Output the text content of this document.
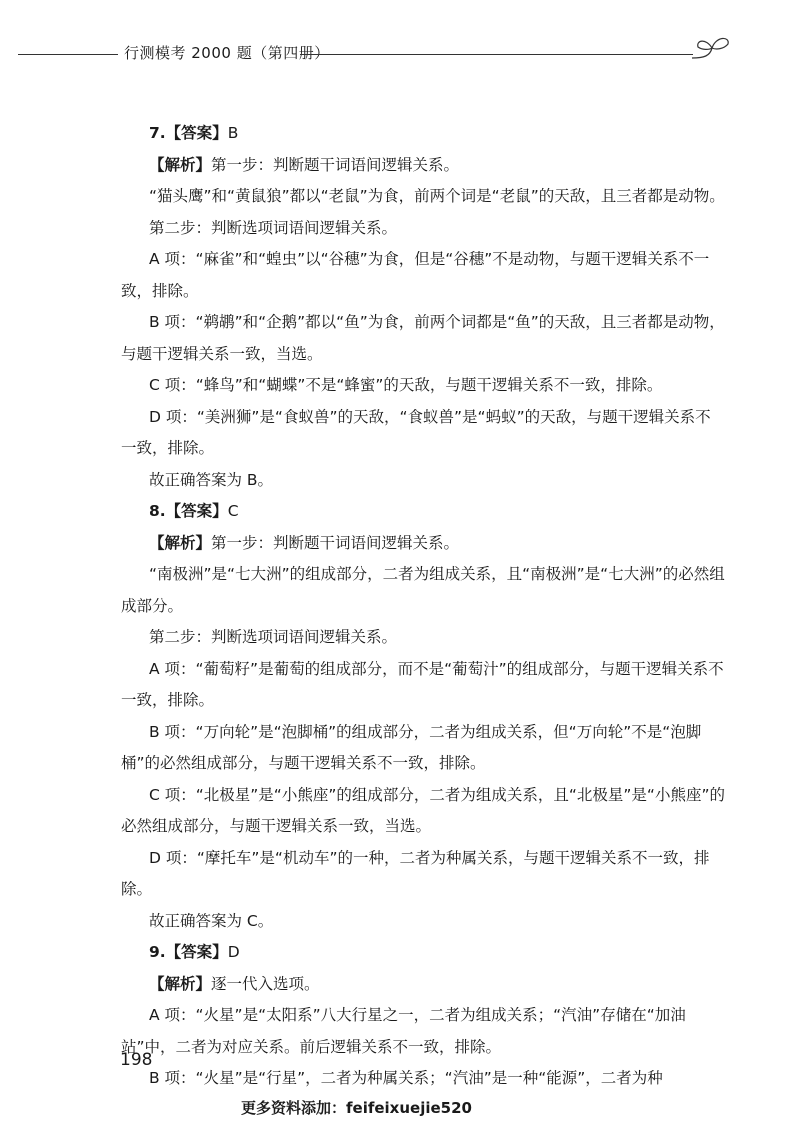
行测模考 2000 题（第四册）

7.【答案】B

【解析】第一步：判断题干词语间逻辑关系。

“猫头鹰”和“黄鼠狼”都以“老鼠”为食，前两个词是“老鼠”的天敌，且三者都是动物。

第二步：判断选项词语间逻辑关系。

A 项：“麻雀”和“蝗虫”以“谷穗”为食，但是“谷穗”不是动物，与题干逻辑关系不一致，排除。

B 项：“鹈鹕”和“企鹅”都以“鱼”为食，前两个词都是“鱼”的天敌，且三者都是动物，与题干逻辑关系一致，当选。

C 项：“蜂鸟”和“蝴蝶”不是“蜂蜜”的天敌，与题干逻辑关系不一致，排除。

D 项：“美洲狮”是“食蚁兽”的天敌，“食蚁兽”是“蚂蚁”的天敌，与题干逻辑关系不一致，排除。

故正确答案为 B。

8.【答案】C

【解析】第一步：判断题干词语间逻辑关系。

“南极洲”是“七大洲”的组成部分，二者为组成关系，且“南极洲”是“七大洲”的必然组成部分。

第二步：判断选项词语间逻辑关系。

A 项：“葡萄籽”是葡萄的组成部分，而不是“葡萄汁”的组成部分，与题干逻辑关系不一致，排除。

B 项：“万向轮”是“泡脚桶”的组成部分，二者为组成关系，但“万向轮”不是“泡脚桶”的必然组成部分，与题干逻辑关系不一致，排除。

C 项：“北极星”是“小熊座”的组成部分，二者为组成关系，且“北极星”是“小熊座”的必然组成部分，与题干逻辑关系一致，当选。

D 项：“摩托车”是“机动车”的一种，二者为种属关系，与题干逻辑关系不一致，排除。

故正确答案为 C。

9.【答案】D

【解析】逐一代入选项。

A 项：“火星”是“太阳系”八大行星之一，二者为组成关系；“汽油”存储在“加油站”中，二者为对应关系。前后逻辑关系不一致，排除。

B 项：“火星”是“行星”，二者为种属关系；“汽油”是一种“能源”，二者为种

198
更多资料添加：feifeixuejie520
